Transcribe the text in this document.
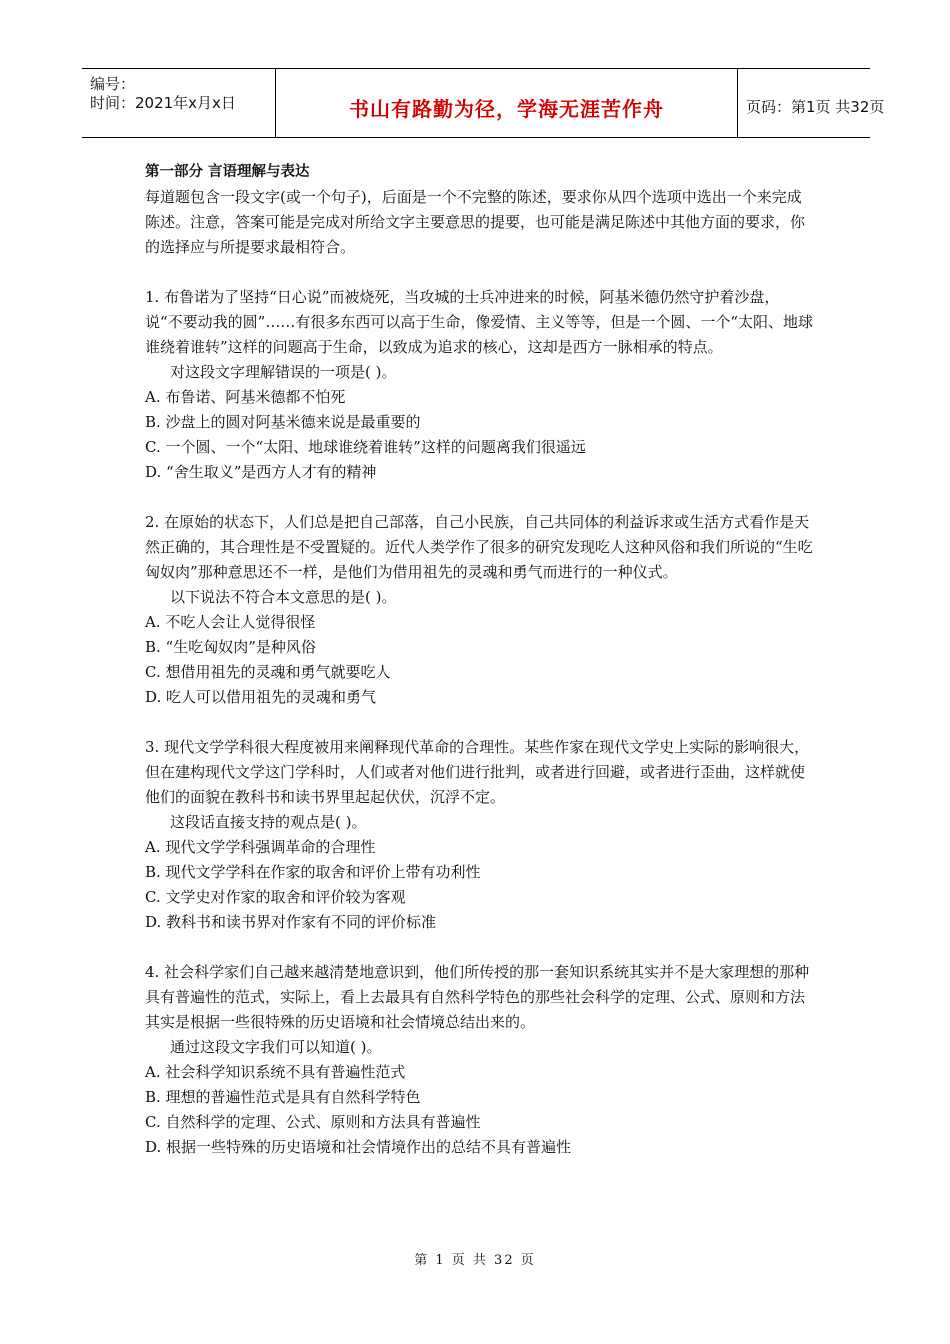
编号：
时间：2021年x月x日	书山有路勤为径，学海无涯苦作舟	页码：第1页 共32页

第一部分 言语理解与表达

每道题包含一段文字(或一个句子)，后面是一个不完整的陈述，要求你从四个选项中选出一个来完成陈述。注意，答案可能是完成对所给文字主要意思的提要，也可能是满足陈述中其他方面的要求，你的选择应与所提要求最相符合。

1. 布鲁诺为了坚持“日心说”而被烧死，当攻城的士兵冲进来的时候，阿基米德仍然守护着沙盘，说“不要动我的圆”……有很多东西可以高于生命，像爱情、主义等等，但是一个圆、一个“太阳、地球谁绕着谁转”这样的问题高于生命，以致成为追求的核心，这却是西方一脉相承的特点。

对这段文字理解错误的一项是( )。

A. 布鲁诺、阿基米德都不怕死

B. 沙盘上的圆对阿基米德来说是最重要的

C. 一个圆、一个“太阳、地球谁绕着谁转”这样的问题离我们很遥远

D. “舍生取义”是西方人才有的精神

2. 在原始的状态下，人们总是把自己部落，自己小民族，自己共同体的利益诉求或生活方式看作是天然正确的，其合理性是不受置疑的。近代人类学作了很多的研究发现吃人这种风俗和我们所说的“生吃匈奴肉”那种意思还不一样，是他们为借用祖先的灵魂和勇气而进行的一种仪式。

以下说法不符合本文意思的是( )。

A. 不吃人会让人觉得很怪

B. “生吃匈奴肉”是种风俗

C. 想借用祖先的灵魂和勇气就要吃人

D. 吃人可以借用祖先的灵魂和勇气

3. 现代文学学科很大程度被用来阐释现代革命的合理性。某些作家在现代文学史上实际的影响很大，但在建构现代文学这门学科时，人们或者对他们进行批判，或者进行回避，或者进行歪曲，这样就使他们的面貌在教科书和读书界里起起伏伏，沉浮不定。

这段话直接支持的观点是( )。

A. 现代文学学科强调革命的合理性

B. 现代文学学科在作家的取舍和评价上带有功利性

C. 文学史对作家的取舍和评价较为客观

D. 教科书和读书界对作家有不同的评价标准

4. 社会科学家们自己越来越清楚地意识到，他们所传授的那一套知识系统其实并不是大家理想的那种具有普遍性的范式，实际上，看上去最具有自然科学特色的那些社会科学的定理、公式、原则和方法其实是根据一些很特殊的历史语境和社会情境总结出来的。

通过这段文字我们可以知道( )。

A. 社会科学知识系统不具有普遍性范式

B. 理想的普遍性范式是具有自然科学特色

C. 自然科学的定理、公式、原则和方法具有普遍性

D. 根据一些特殊的历史语境和社会情境作出的总结不具有普遍性

第 1 页 共 32 页
